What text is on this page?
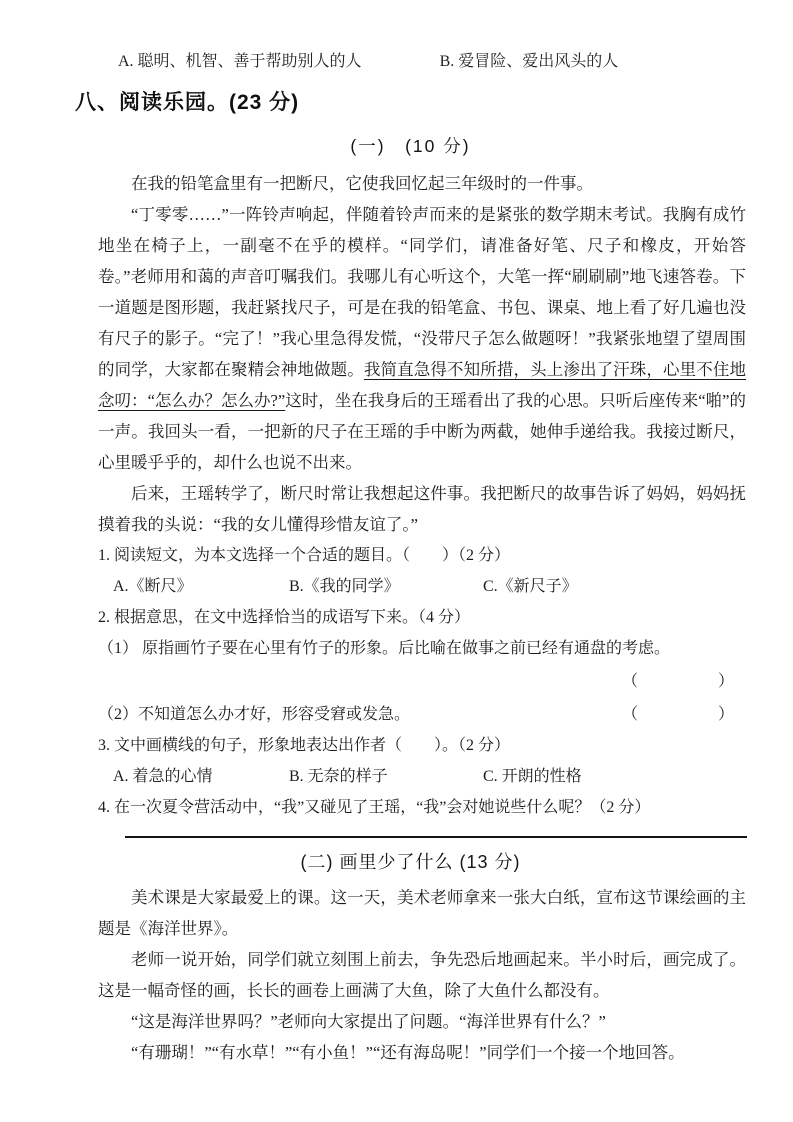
A. 聪明、机智、善于帮助别人的人	B. 爱冒险、爱出风头的人
八、阅读乐园。(23 分)
(一)　(10 分)

在我的铅笔盒里有一把断尺，它使我回忆起三年级时的一件事。

“丁零零……”一阵铃声响起，伴随着铃声而来的是紧张的数学期末考试。我胸有成竹地坐在椅子上，一副毫不在乎的模样。“同学们，请准备好笔、尺子和橡皮，开始答卷。”老师用和蔼的声音叮嘱我们。我哪儿有心听这个，大笔一挥“刷刷刷”地飞速答卷。下一道题是图形题，我赶紧找尺子，可是在我的铅笔盒、书包、课桌、地上看了好几遍也没有尺子的影子。“完了！”我心里急得发慌，“没带尺子怎么做题呀！”我紧张地望了望周围的同学，大家都在聚精会神地做题。我简直急得不知所措，头上渗出了汗珠，心里不住地念叨：“怎么办？怎么办?”这时，坐在我身后的王瑶看出了我的心思。只听后座传来“啪”的一声。我回头一看，一把新的尺子在王瑶的手中断为两截，她伸手递给我。我接过断尺，心里暖乎乎的，却什么也说不出来。

后来，王瑶转学了，断尺时常让我想起这件事。我把断尺的故事告诉了妈妈，妈妈抚摸着我的头说：“我的女儿懂得珍惜友谊了。”

1. 阅读短文，为本文选择一个合适的题目。（　　）（2 分）
A.《断尺》	B.《我的同学》	C.《新尺子》
2. 根据意思，在文中选择恰当的成语写下来。（4 分）
（1） 原指画竹子要在心里有竹子的形象。后比喻在做事之前已经有通盘的考虑。
（　　　　　）
（2）不知道怎么办才好，形容受窘或发急。	（　　　　　）
3. 文中画横线的句子，形象地表达出作者（　　）。（2 分）
A. 着急的心情	B. 无奈的样子	C. 开朗的性格
4. 在一次夏令营活动中，“我”又碰见了王瑶，“我”会对她说些什么呢？（2 分）
(二) 画里少了什么 (13 分)

美术课是大家最爱上的课。这一天，美术老师拿来一张大白纸，宣布这节课绘画的主题是《海洋世界》。

老师一说开始，同学们就立刻围上前去，争先恐后地画起来。半小时后，画完成了。这是一幅奇怪的画，长长的画卷上画满了大鱼，除了大鱼什么都没有。

“这是海洋世界吗？”老师向大家提出了问题。“海洋世界有什么？”

“有珊瑚！”“有水草！”“有小鱼！”“还有海岛呢！”同学们一个接一个地回答。
